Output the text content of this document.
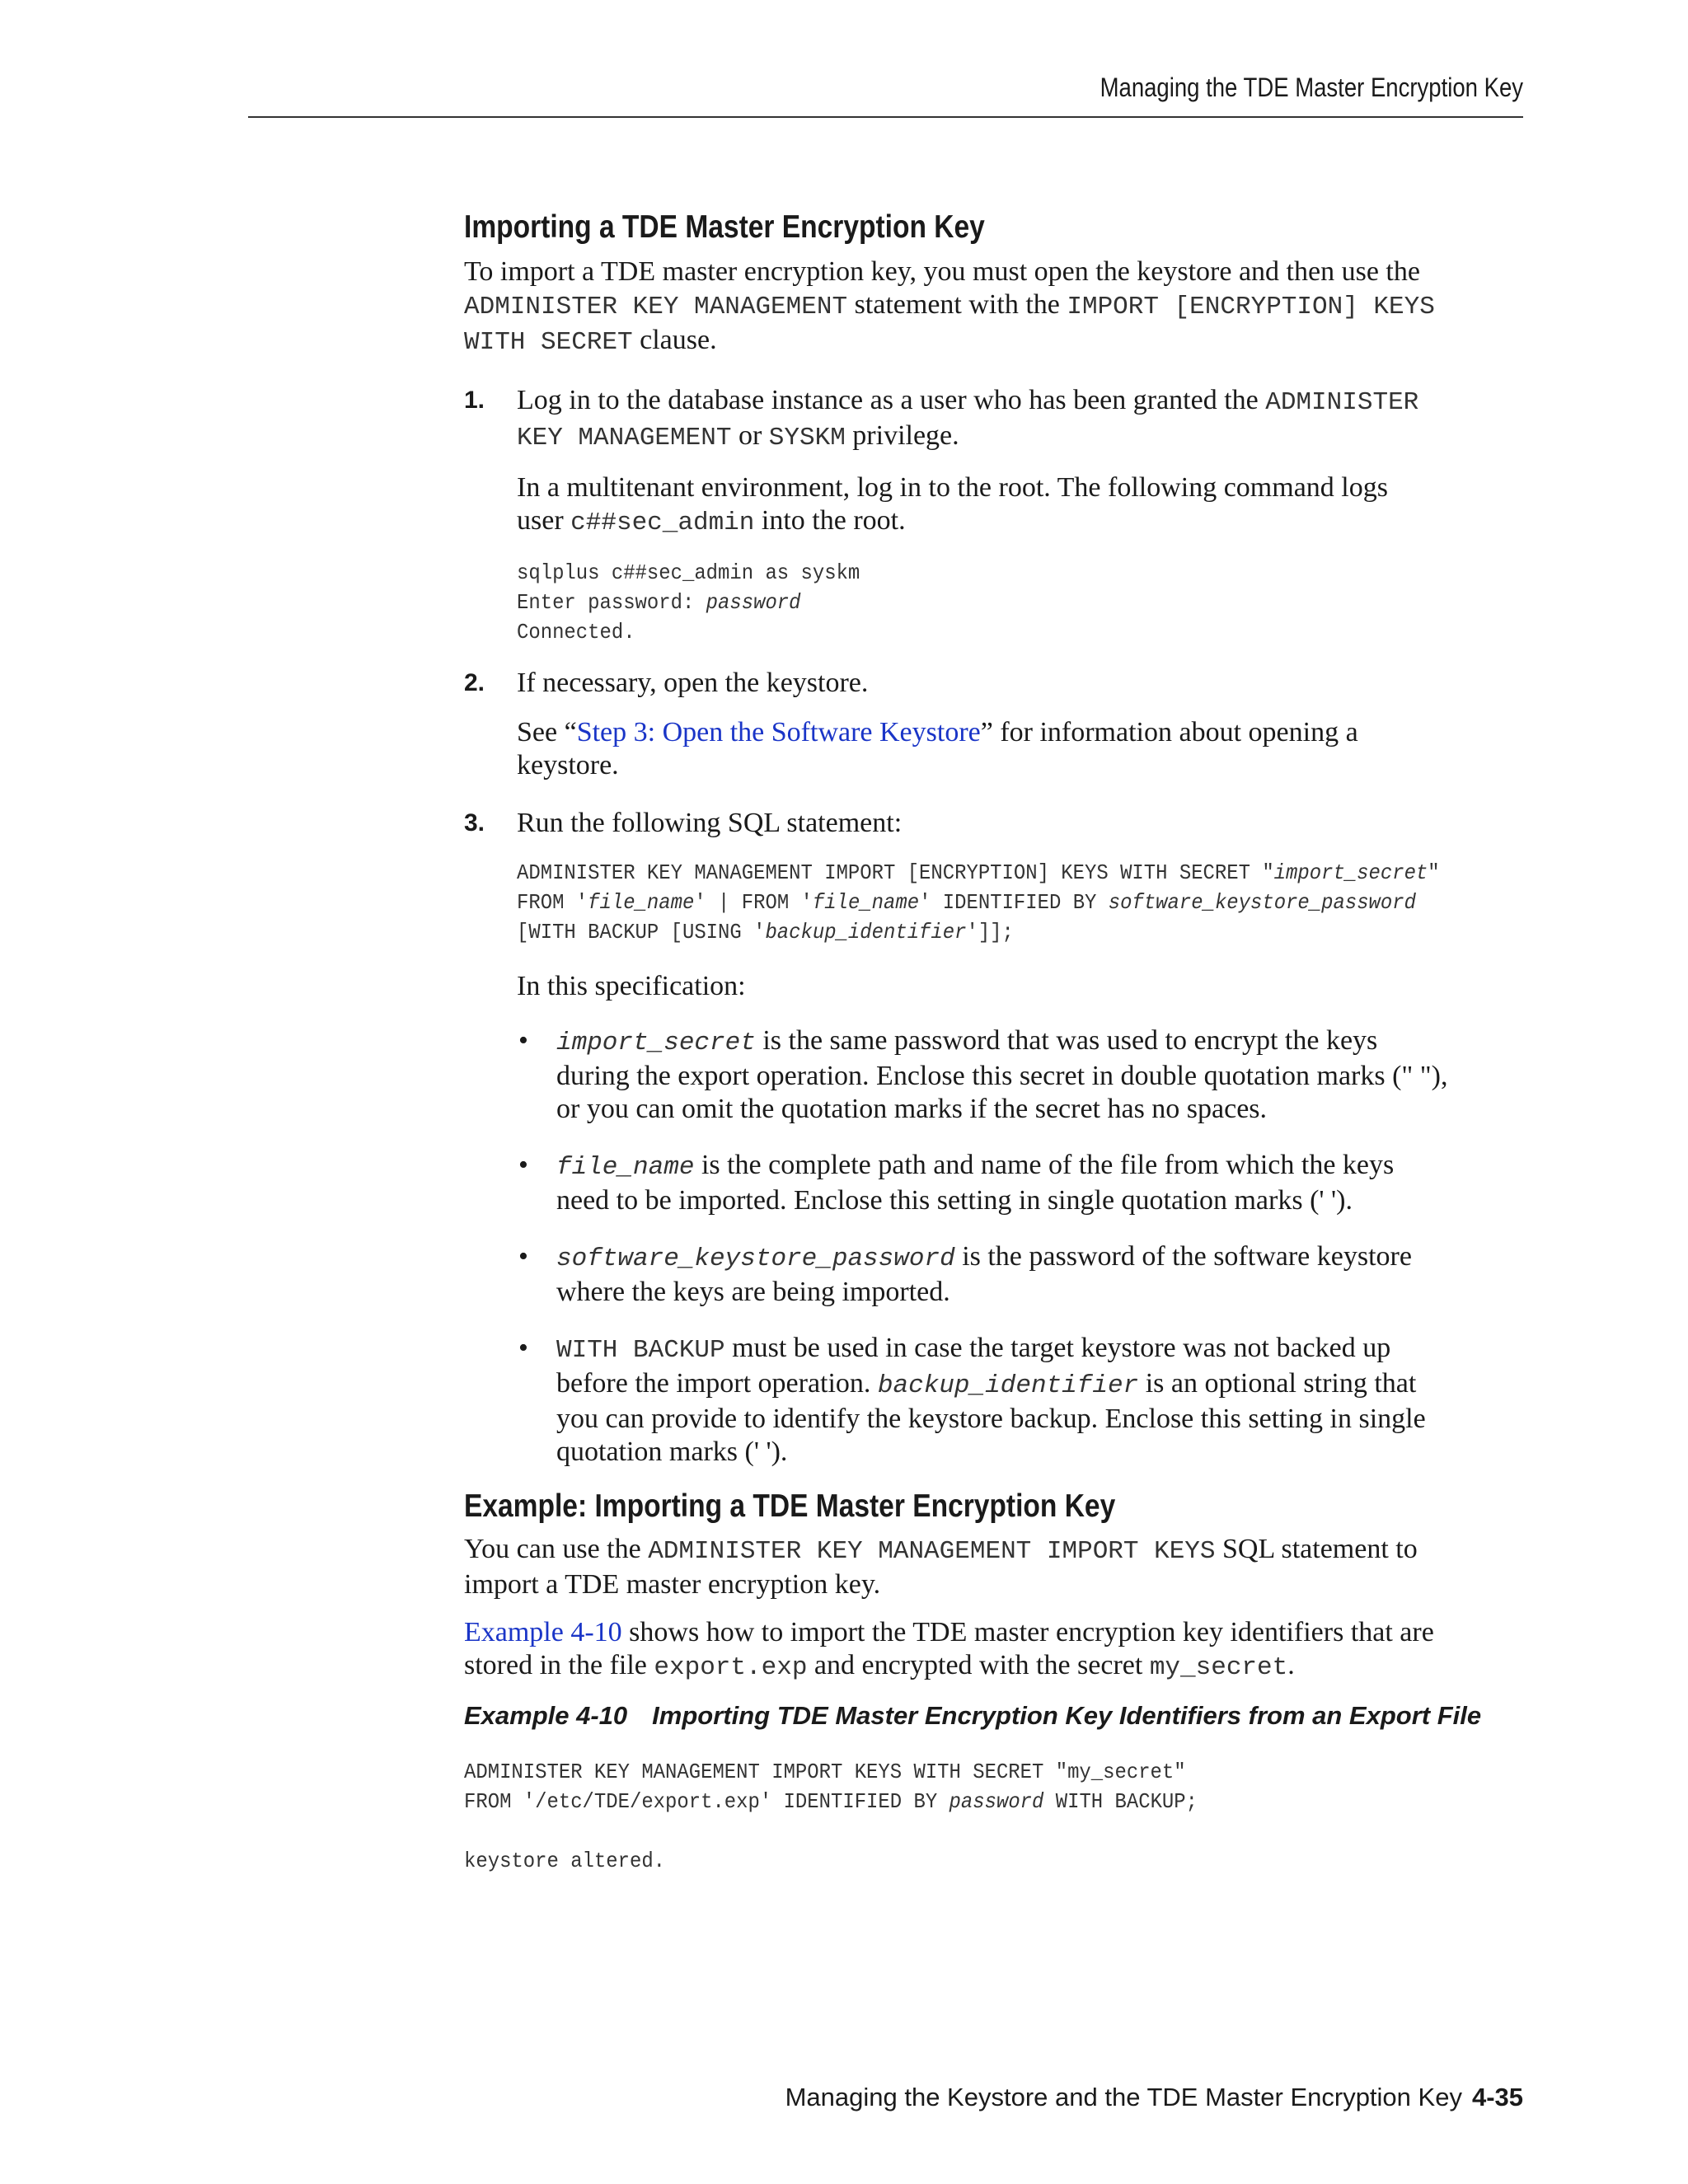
Managing the TDE Master Encryption Key
Importing a TDE Master Encryption Key

To import a TDE master encryption key, you must open the keystore and then use the
ADMINISTER KEY MANAGEMENT statement with the IMPORT [ENCRYPTION] KEYS
WITH SECRET clause.

1. Log in to the database instance as a user who has been granted the ADMINISTER
KEY MANAGEMENT or SYSKM privilege.

In a multitenant environment, log in to the root. The following command logs
user c##sec_admin into the root.

sqlplus c##sec_admin as syskm
Enter password: password
Connected.
2. If necessary, open the keystore.

See “Step 3: Open the Software Keystore” for information about opening a
keystore.

3. Run the following SQL statement:

ADMINISTER KEY MANAGEMENT IMPORT [ENCRYPTION] KEYS WITH SECRET "import_secret"
FROM 'file_name' | FROM 'file_name' IDENTIFIED BY software_keystore_password
[WITH BACKUP [USING 'backup_identifier']];

In this specification:

• import_secret is the same password that was used to encrypt the keys
during the export operation. Enclose this secret in double quotation marks (" "),
or you can omit the quotation marks if the secret has no spaces.

• file_name is the complete path and name of the file from which the keys
need to be imported. Enclose this setting in single quotation marks (' ').

• software_keystore_password is the password of the software keystore
where the keys are being imported.

• WITH BACKUP must be used in case the target keystore was not backed up
before the import operation. backup_identifier is an optional string that
you can provide to identify the keystore backup. Enclose this setting in single
quotation marks (' ').

Example: Importing a TDE Master Encryption Key

You can use the ADMINISTER KEY MANAGEMENT IMPORT KEYS SQL statement to
import a TDE master encryption key.

Example 4-10 shows how to import the TDE master encryption key identifiers that are
stored in the file export.exp and encrypted with the secret my_secret.

Example 4-10 Importing TDE Master Encryption Key Identifiers from an Export File
ADMINISTER KEY MANAGEMENT IMPORT KEYS WITH SECRET "my_secret"
FROM '/etc/TDE/export.exp' IDENTIFIED BY password WITH BACKUP;

keystore altered.
Managing the Keystore and the TDE Master Encryption Key 4-35
